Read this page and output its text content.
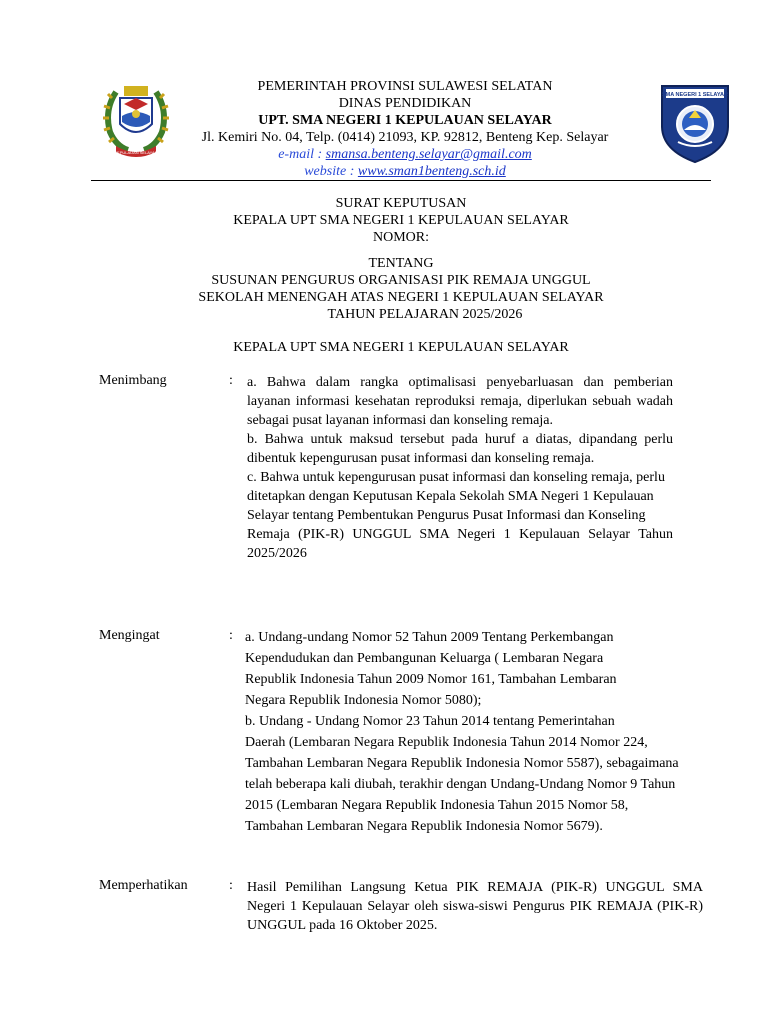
KEPULAUAN SELAYAR
PEMERINTAH PROVINSI SULAWESI SELATAN
DINAS PENDIDIKAN
UPT. SMA NEGERI 1 KEPULAUAN SELAYAR
Jl. Kemiri No. 04, Telp. (0414) 21093, KP. 92812, Benteng Kep. Selayar
e-mail : smansa.benteng.selayar@gmail.com
website : www.sman1benteng.sch.id
SMA NEGERI 1 SELAYAR
SURAT KEPUTUSAN
KEPALA UPT SMA NEGERI 1 KEPULAUAN SELAYAR
NOMOR:
TENTANG
SUSUNAN PENGURUS ORGANISASI PIK REMAJA UNGGUL
SEKOLAH MENENGAH ATAS NEGERI 1 KEPULAUAN SELAYAR
TAHUN PELAJARAN 2025/2026
KEPALA UPT SMA NEGERI 1 KEPULAUAN SELAYAR
Menimbang	: a. Bahwa dalam rangka optimalisasi penyebarluasan dan pemberian layanan informasi kesehatan reproduksi remaja, diperlukan sebuah wadah sebagai pusat layanan informasi dan konseling remaja.

b. Bahwa untuk maksud tersebut pada huruf a diatas, dipandang perlu dibentuk kepengurusan pusat informasi dan konseling remaja.

c. Bahwa untuk kepengurusan pusat informasi dan konseling remaja, perlu

ditetapkan dengan Keputusan Kepala Sekolah SMA Negeri 1 Kepulauan

Selayar tentang Pembentukan Pengurus Pusat Informasi dan Konseling

Remaja (PIK-R) UNGGUL SMA Negeri 1 Kepulauan Selayar Tahun 2025/2026

Mengingat	: a. Undang-undang Nomor 52 Tahun 2009 Tentang Perkembangan

Kependudukan dan Pembangunan Keluarga ( Lembaran Negara

Republik Indonesia Tahun 2009 Nomor 161, Tambahan Lembaran

Negara Republik Indonesia Nomor 5080);

b. Undang - Undang Nomor 23 Tahun 2014 tentang Pemerintahan

Daerah (Lembaran Negara Republik Indonesia Tahun 2014 Nomor 224,

Tambahan Lembaran Negara Republik Indonesia Nomor 5587), sebagaimana

telah beberapa kali diubah, terakhir dengan Undang-Undang Nomor 9 Tahun

2015 (Lembaran Negara Republik Indonesia Tahun 2015 Nomor 58,

Tambahan Lembaran Negara Republik Indonesia Nomor 5679).

Memperhatikan	: Hasil Pemilihan Langsung Ketua PIK REMAJA (PIK-R) UNGGUL SMA Negeri 1 Kepulauan Selayar oleh siswa-siswi Pengurus PIK REMAJA (PIK-R) UNGGUL pada 16 Oktober 2025.
